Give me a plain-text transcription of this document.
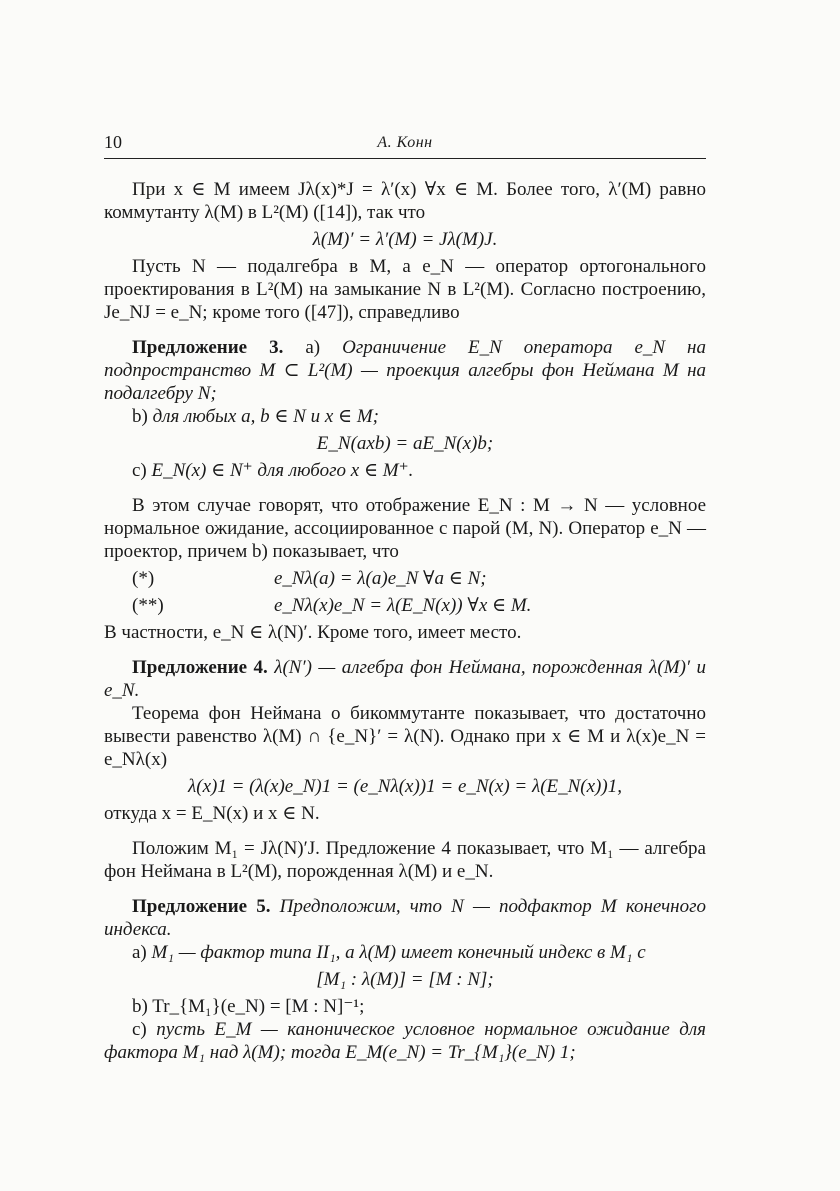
10	А. Конн

При x ∈ M имеем Jλ(x)*J = λ′(x) ∀x ∈ M. Более того, λ′(M) равно коммутанту λ(M) в L²(M) ([14]), так что

λ(M)′ = λ′(M) = Jλ(M)J.

Пусть N — подалгебра в M, a e_N — оператор ортогонального проектирования в L²(M) на замыкание N в L²(M). Согласно построению, Je_NJ = e_N; кроме того ([47]), справедливо

Предложение 3. a) Ограничение E_N оператора e_N на подпространство M ⊂ L²(M) — проекция алгебры фон Неймана M на подалгебру N;

b) для любых a, b ∈ N и x ∈ M;

E_N(axb) = aE_N(x)b;

c) E_N(x) ∈ N⁺ для любого x ∈ M⁺.

В этом случае говорят, что отображение E_N : M → N — условное нормальное ожидание, ассоциированное с парой (M, N). Оператор e_N — проектор, причем b) показывает, что

(*)	e_Nλ(a) = λ(a)e_N ∀a ∈ N;
(**)	e_Nλ(x)e_N = λ(E_N(x)) ∀x ∈ M.

В частности, e_N ∈ λ(N)′. Кроме того, имеет место.

Предложение 4. λ(N′) — алгебра фон Неймана, порожденная λ(M)′ и e_N.

Теорема фон Неймана о бикоммутанте показывает, что достаточно вывести равенство λ(M) ∩ {e_N}′ = λ(N). Однако при x ∈ M и λ(x)e_N = e_Nλ(x)

λ(x)1 = (λ(x)e_N)1 = (e_Nλ(x))1 = e_N(x) = λ(E_N(x))1,

откуда x = E_N(x) и x ∈ N.

Положим M₁ = Jλ(N)′J. Предложение 4 показывает, что M₁ — алгебра фон Неймана в L²(M), порожденная λ(M) и e_N.

Предложение 5. Предположим, что N — подфактор M конечного индекса.

a) M₁ — фактор типа II₁, a λ(M) имеет конечный индекс в M₁ с

[M₁ : λ(M)] = [M : N];

b) Tr_{M₁}(e_N) = [M : N]⁻¹;

c) пусть E_M — каноническое условное нормальное ожидание для фактора M₁ над λ(M); тогда E_M(e_N) = Tr_{M₁}(e_N) 1;
